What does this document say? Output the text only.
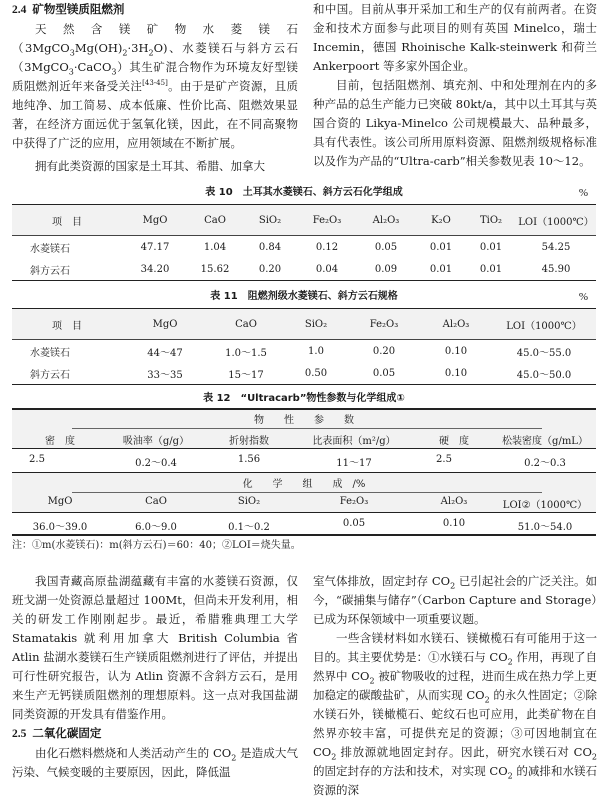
2.4 矿物型镁质阻燃剂

天然含镁矿物水菱镁石$(3MgCO_3Mg(OH)_2\cdot 3H_2O)$、水菱镁石与斜方云石（3MgCO$_3$·CaCO$_3$）其生矿混合物作为环境友好型镁质阻燃剂近年来备受关注[43-45]。由于是矿产资源，且质地纯净、加工简易、成本低廉、性价比高、阻燃效果显著，在经济方面远优于氢氧化镁，因此，在不同高聚物中获得了广泛的应用，应用领域在不断扩展。

拥有此类资源的国家是土耳其、希腊、加拿大

和中国。目前从事开采加工和生产的仅有前两者。在资金和技术方面参与此项目的则有英国 Minelco，瑞士 Incemin，德国 Rhoinische Kalk-steinwerk 和荷兰 Ankerpoort 等多家外国企业。

目前，包括阻燃剂、填充剂、中和处理剂在内的多种产品的总生产能力已突破 80kt/a，其中以土耳其与英国合资的 Likya-Minelco 公司规模最大、品种最多，具有代表性。该公司所用原料资源、阻燃剂级规格标准以及作为产品的“Ultra-carb”相关参数见表 10～12。

表 10　土耳其水菱镁石、斜方云石化学组成	%
项　目	MgO	CaO	SiO₂	Fe₂O₃	Al₂O₃	K₂O	TiO₂	LOI（1000℃）
水菱镁石	47.17	1.04	0.84	0.12	0.05	0.01	0.01	54.25
斜方云石	34.20	15.62	0.20	0.04	0.09	0.01	0.01	45.90
表 11　阻燃剂级水菱镁石、斜方云石规格	%
项　目	MgO	CaO	SiO₂	Fe₂O₃	Al₂O₃	LOI（1000℃）
水菱镁石	44～47	1.0～1.5	1.0	0.20	0.10	45.0～55.0
斜方云石	33～35	15～17	0.50	0.05	0.10	45.0～50.0
表 12　“Ultracarb”物性参数与化学组成①
物　　性　　参　　数
密　度	吸油率（g/g）	折射指数	比表面积（m²/g）	硬　度	松装密度（g/mL）
2.5	0.2～0.4	1.56	11～17	2.5	0.2～0.3
化　　学　　组　　成　/%
MgO	CaO	SiO₂	Fe₂O₃	Al₂O₃	LOI②（1000℃）
36.0～39.0	6.0～9.0	0.1～0.2	0.05	0.10	51.0～54.0
注：①m(水菱镁石)：m(斜方云石)＝60：40；②LOI＝烧失量。

我国青藏高原盐湖蕴藏有丰富的水菱镁石资源，仅班戈湖一处资源总量超过 100Mt，但尚未开发利用，相关的研发工作刚刚起步。最近，希腊雅典理工大学 Stamatakis 就利用加拿大 British Columbia 省 Atlin 盐湖水菱镁石生产镁质阻燃剂进行了评估，并提出可行性研究报告，认为 Atlin 资源不含斜方云石，是用来生产无钙镁质阻燃剂的理想原料。这一点对我国盐湖同类资源的开发具有借鉴作用。

2.5 二氧化碳固定

由化石燃料燃烧和人类活动产生的 $CO_2$ 是造成大气污染、气候变暖的主要原因，因此，降低温

室气体排放，固定封存 $CO_2$ 已引起社会的广泛关注。如今，“碳捕集与储存”（Carbon Capture and Storage）已成为环保领域中一项重要议题。

一些含镁材料如水镁石、镁橄榄石有可能用于这一目的。其主要优势是：①水镁石与 $CO_2$ 作用，再现了自然界中 $CO_2$ 被矿物吸收的过程，进而生成在热力学上更加稳定的碳酸盐矿，从而实现 $CO_2$ 的永久性固定；②除水镁石外，镁橄榄石、蛇纹石也可应用，此类矿物在自然界亦较丰富，可提供充足的资源；③可因地制宜在 $CO_2$ 排放源就地固定封存。因此，研究水镁石对 $CO_2$ 的固定封存的方法和技术，对实现 $CO_2$ 的减排和水镁石资源的深
